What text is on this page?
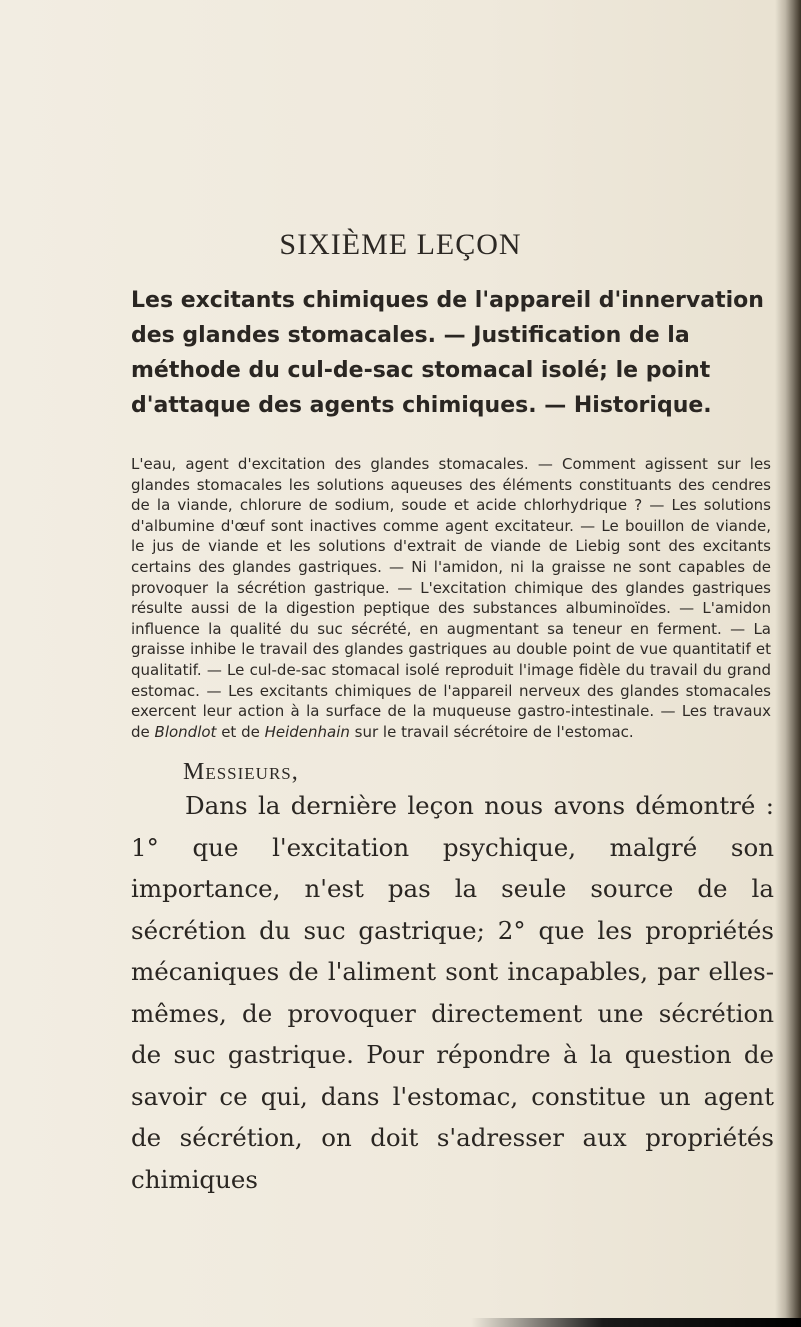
SIXIÈME LEÇON

Les excitants chimiques de l'appareil d'innervation des glandes stomacales. — Justification de la méthode du cul-de-sac stomacal isolé; le point d'attaque des agents chimiques. — Historique.

L'eau, agent d'excitation des glandes stomacales. — Comment agissent sur les glandes stomacales les solutions aqueuses des éléments constituants des cendres de la viande, chlorure de sodium, soude et acide chlorhydrique ? — Les solutions d'albumine d'œuf sont inactives comme agent excitateur. — Le bouillon de viande, le jus de viande et les solutions d'extrait de viande de Liebig sont des excitants certains des glandes gastriques. — Ni l'amidon, ni la graisse ne sont capables de provoquer la sécrétion gastrique. — L'excitation chimique des glandes gastriques résulte aussi de la digestion peptique des substances albuminoïdes. — L'amidon influence la qualité du suc sécrété, en augmentant sa teneur en ferment. — La graisse inhibe le travail des glandes gastriques au double point de vue quantitatif et qualitatif. — Le cul-de-sac stomacal isolé reproduit l'image fidèle du travail du grand estomac. — Les excitants chimiques de l'appareil nerveux des glandes stomacales exercent leur action à la surface de la muqueuse gastro-intestinale. — Les travaux de Blondlot et de Heidenhain sur le travail sécrétoire de l'estomac.

Messieurs,

Dans la dernière leçon nous avons démontré : 1° que l'excitation psychique, malgré son importance, n'est pas la seule source de la sécrétion du suc gastrique; 2° que les propriétés mécaniques de l'aliment sont incapables, par elles-mêmes, de provoquer directement une sécrétion de suc gastrique. Pour répondre à la question de savoir ce qui, dans l'estomac, constitue un agent de sécrétion, on doit s'adresser aux propriétés chimiques
